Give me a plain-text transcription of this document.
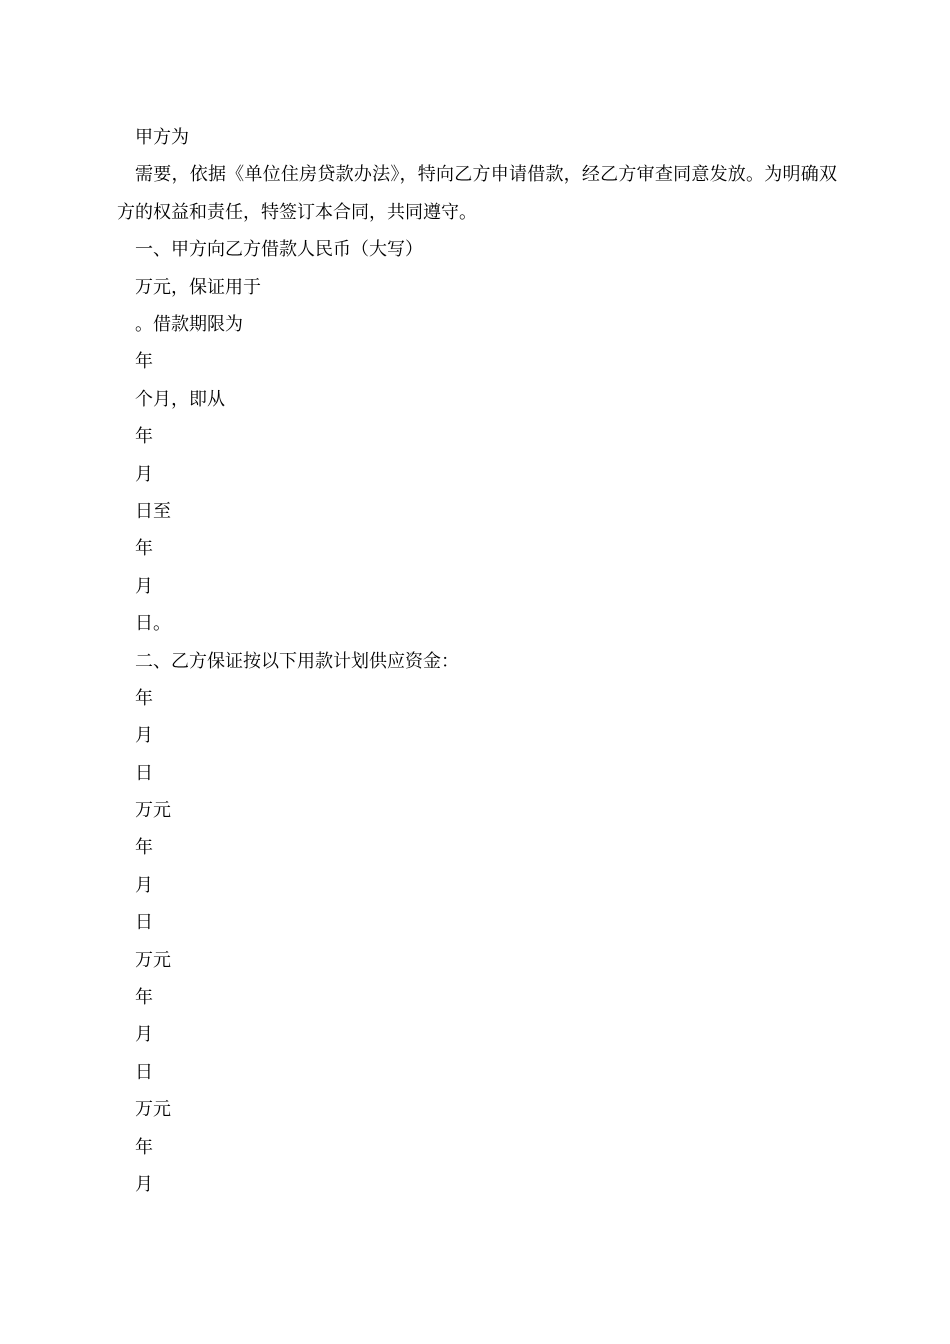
甲方为
需要，依据《单位住房贷款办法》，特向乙方申请借款，经乙方审查同意发放。为明确双方的权益和责任，特签订本合同，共同遵守。
一、甲方向乙方借款人民币（大写）
万元，保证用于
。借款期限为
年
个月，即从
年
月
日至
年
月
日。
二、乙方保证按以下用款计划供应资金：
年
月
日
万元
年
月
日
万元
年
月
日
万元
年
月
